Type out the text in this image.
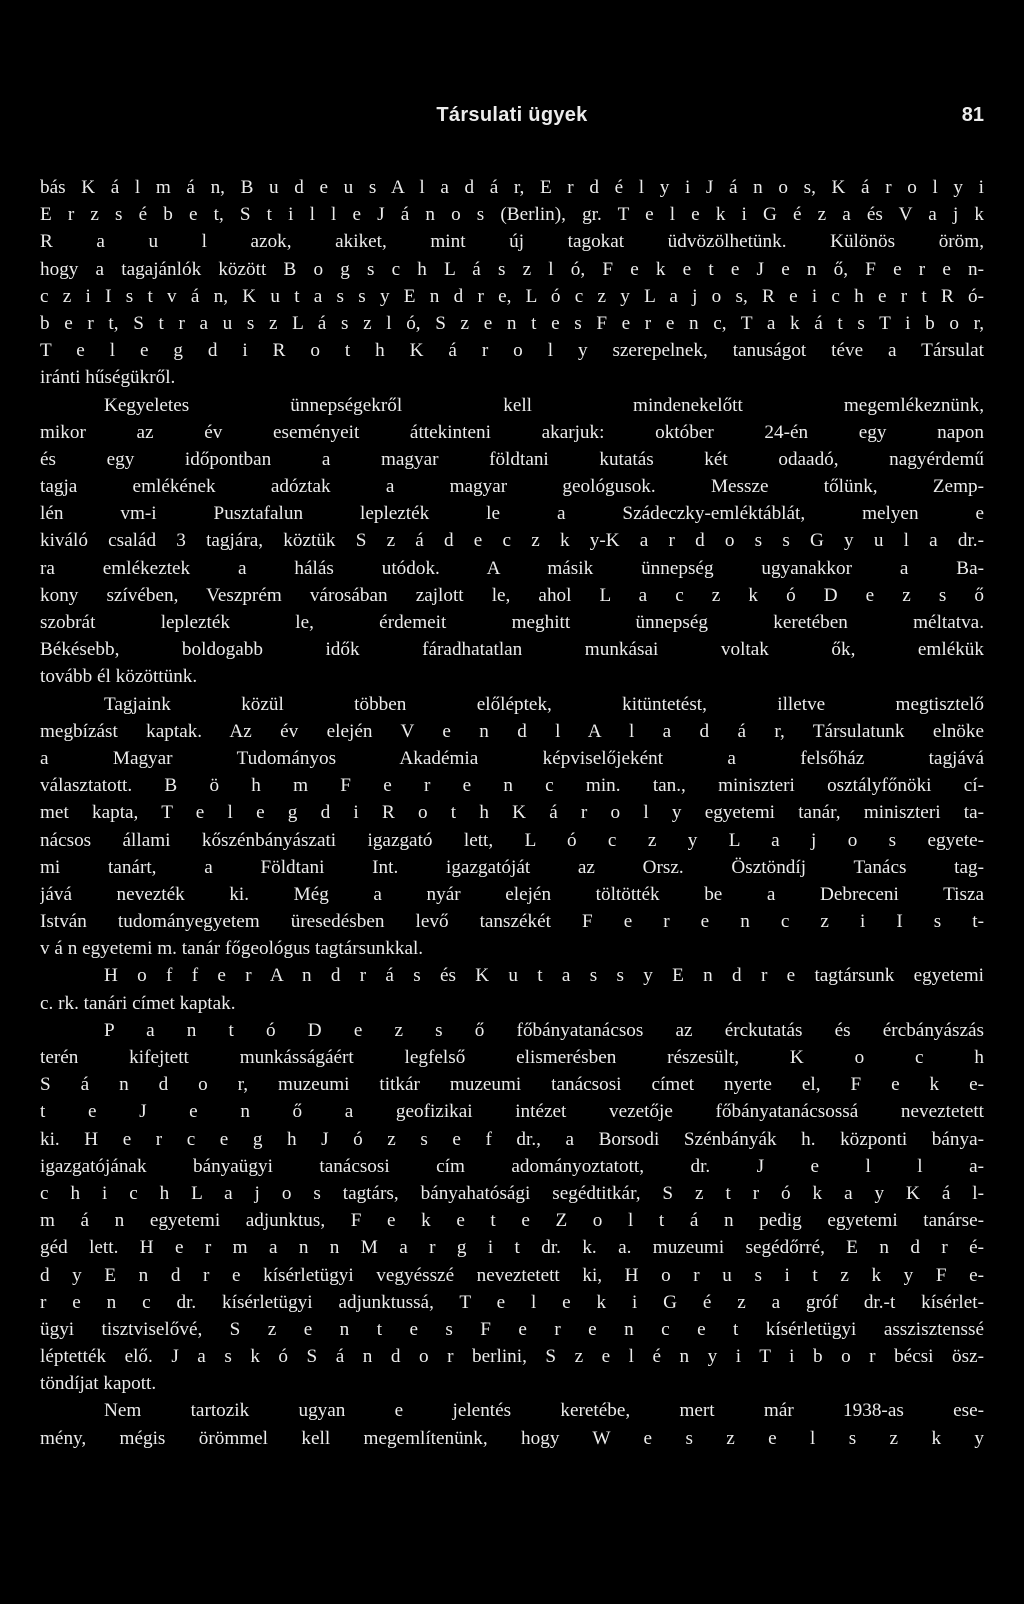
Társulati ügyek	81
bás K á l m á n, B u d e u s A l a d á r, E r d é l y i J á n o s, K á r o l y i
E r z s é b e t, S t i l l e J á n o s (Berlin), gr. T e l e k i G é z a és V a j k
R a u l azok, akiket, mint új tagokat üdvözölhetünk. Különös öröm,
hogy a tagajánlók között B o g s c h L á s z l ó, F e k e t e J e n ő, F e r e n-
c z i I s t v á n, K u t a s s y E n d r e, L ó c z y L a j o s, R e i c h e r t R ó-
b e r t, S t r a u s z L á s z l ó, S z e n t e s F e r e n c, T a k á t s T i b o r,
T e l e g d i R o t h K á r o l y szerepelnek, tanuságot téve a Társulat
iránti hűségükről.
Kegyeletes ünnepségekről kell mindenekelőtt megemlékeznünk,
mikor az év eseményeit áttekinteni akarjuk: október 24-én egy napon
és egy időpontban a magyar földtani kutatás két odaadó, nagyérdemű
tagja emlékének adóztak a magyar geológusok. Messze tőlünk, Zemp-
lén vm-i Pusztafalun leplezték le a Szádeczky-emléktáblát, melyen e
kiváló család 3 tagjára, köztük S z á d e c z k y-K a r d o s s G y u l a dr.-
ra emlékeztek a hálás utódok. A másik ünnepség ugyanakkor a Ba-
kony szívében, Veszprém városában zajlott le, ahol L a c z k ó D e z s ő
szobrát leplezték le, érdemeit meghitt ünnepség keretében méltatva.
Békésebb, boldogabb idők fáradhatatlan munkásai voltak ők, emlékük
tovább él közöttünk.
Tagjaink közül többen előléptek, kitüntetést, illetve megtisztelő
megbízást kaptak. Az év elején V e n d l A l a d á r, Társulatunk elnöke
a Magyar Tudományos Akadémia képviselőjeként a felsőház tagjává
választatott. B ö h m F e r e n c min. tan., miniszteri osztályfőnöki cí-
met kapta, T e l e g d i R o t h K á r o l y egyetemi tanár, miniszteri ta-
nácsos állami kőszénbányászati igazgató lett, L ó c z y L a j o s egyete-
mi tanárt, a Földtani Int. igazgatóját az Orsz. Ösztöndíj Tanács tag-
jává nevezték ki. Még a nyár elején töltötték be a Debreceni Tisza
István tudományegyetem üresedésben levő tanszékét F e r e n c z i I s t-
v á n egyetemi m. tanár főgeológus tagtársunkkal.
H o f f e r A n d r á s és K u t a s s y E n d r e tagtársunk egyetemi
c. rk. tanári címet kaptak.
P a n t ó D e z s ő főbányatanácsos az érckutatás és ércbányászás
terén kifejtett munkásságáért legfelső elismerésben részesült, K o c h
S á n d o r, muzeumi titkár muzeumi tanácsosi címet nyerte el, F e k e-
t e J e n ő a geofizikai intézet vezetője főbányatanácsossá neveztetett
ki. H e r c e g h J ó z s e f dr., a Borsodi Szénbányák h. központi bánya-
igazgatójának bányaügyi tanácsosi cím adományoztatott, dr. J e l l a-
c h i c h L a j o s tagtárs, bányahatósági segédtitkár, S z t r ó k a y K á l-
m á n egyetemi adjunktus, F e k e t e Z o l t á n pedig egyetemi tanárse-
géd lett. H e r m a n n M a r g i t dr. k. a. muzeumi segédőrré, E n d r é-
d y E n d r e kísérletügyi vegyésszé neveztetett ki, H o r u s i t z k y F e-
r e n c dr. kísérletügyi adjunktussá, T e l e k i G é z a gróf dr.-t kísérlet-
ügyi tisztviselővé, S z e n t e s F e r e n c e t kísérletügyi asszisztenssé
léptették elő. J a s k ó S á n d o r berlini, S z e l é n y i T i b o r bécsi ösz-
töndíjat kapott.
Nem tartozik ugyan e jelentés keretébe, mert már 1938-as ese-
mény, mégis örömmel kell megemlítenünk, hogy W e s z e l s z k y
